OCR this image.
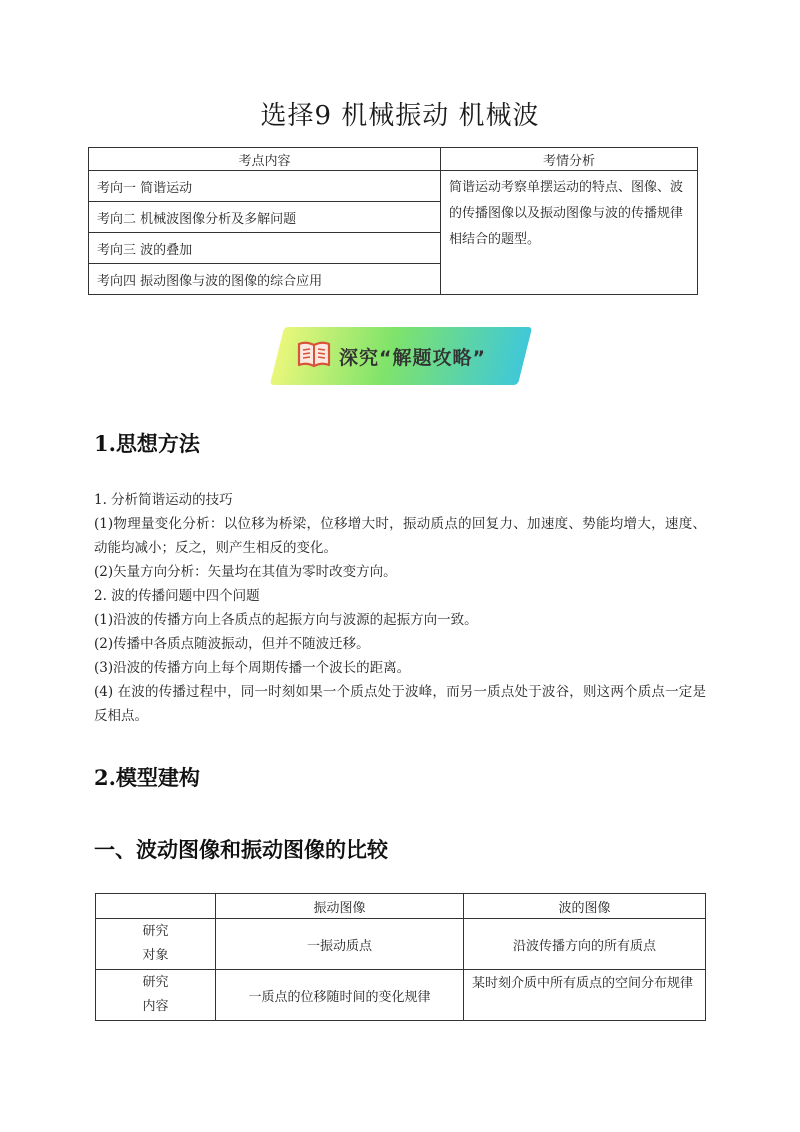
选择9 机械振动 机械波
考点内容	考情分析
考向一 简谐运动	简谐运动考察单摆运动的特点、图像、波的传播图像以及振动图像与波的传播规律相结合的题型。
考向二 机械波图像分析及多解问题	
考向三 波的叠加	
考向四 振动图像与波的图像的综合应用	
深究“解题攻略”
1.思想方法

1. 分析简谐运动的技巧

(1)物理量变化分析：以位移为桥梁，位移增大时，振动质点的回复力、加速度、势能均增大，速度、动能均减小；反之，则产生相反的变化。

(2)矢量方向分析：矢量均在其值为零时改变方向。

2. 波的传播问题中四个问题

(1)沿波的传播方向上各质点的起振方向与波源的起振方向一致。

(2)传播中各质点随波振动，但并不随波迁移。

(3)沿波的传播方向上每个周期传播一个波长的距离。

(4) 在波的传播过程中，同一时刻如果一个质点处于波峰，而另一质点处于波谷，则这两个质点一定是反相点。

2.模型建构
一、波动图像和振动图像的比较
	振动图像	波的图像

研究
对象	一振动质点	沿波传播方向的所有质点

研究
内容	一质点的位移随时间的变化规律	某时刻介质中所有质点的空间分布规律
